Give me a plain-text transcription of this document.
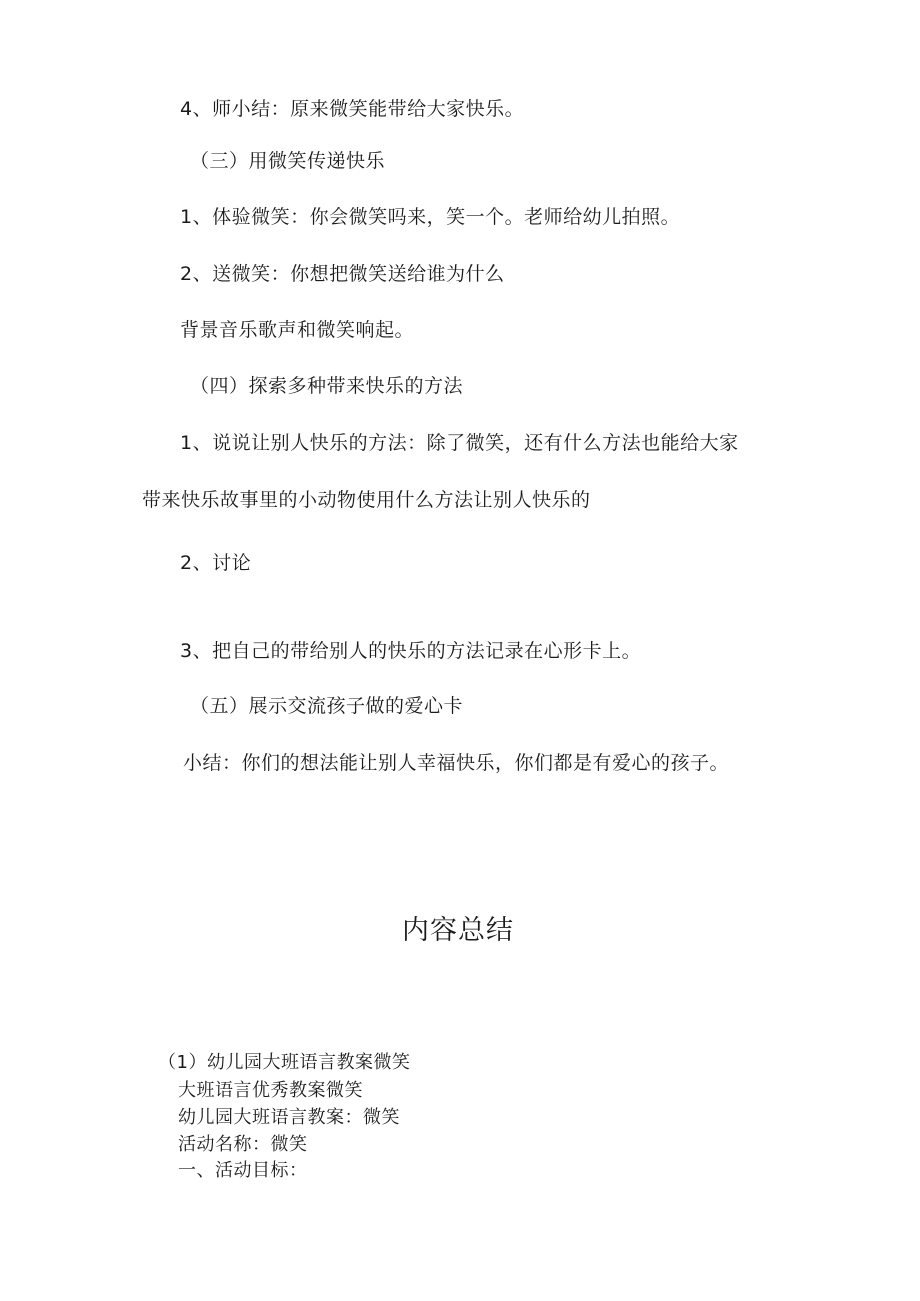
4、师小结：原来微笑能带给大家快乐。
（三）用微笑传递快乐
1、体验微笑：你会微笑吗来，笑一个。老师给幼儿拍照。
2、送微笑：你想把微笑送给谁为什么
背景音乐歌声和微笑响起。
（四）探索多种带来快乐的方法
1、说说让别人快乐的方法：除了微笑，还有什么方法也能给大家
带来快乐故事里的小动物使用什么方法让别人快乐的
2、讨论
3、把自己的带给别人的快乐的方法记录在心形卡上。
（五）展示交流孩子做的爱心卡
小结：你们的想法能让别人幸福快乐，你们都是有爱心的孩子。
内容总结
（1）幼儿园大班语言教案微笑
大班语言优秀教案微笑
幼儿园大班语言教案：微笑
活动名称：微笑
一、活动目标：
